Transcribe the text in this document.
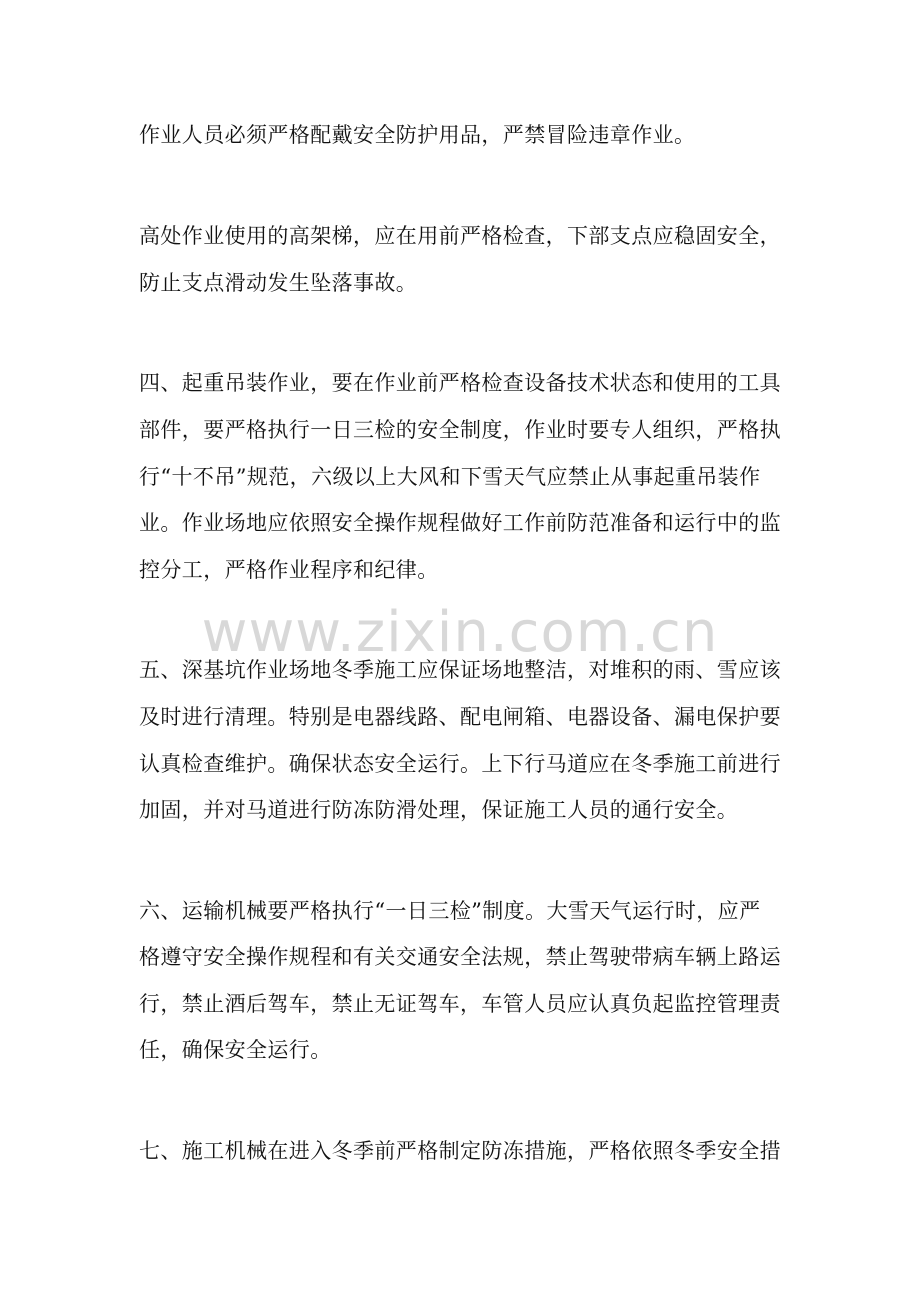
www.zixin.com.cn
作业人员必须严格配戴安全防护用品，严禁冒险违章作业。
高处作业使用的高架梯，应在用前严格检查，下部支点应稳固安全，
防止支点滑动发生坠落事故。
四、起重吊装作业，要在作业前严格检查设备技术状态和使用的工具
部件，要严格执行一日三检的安全制度，作业时要专人组织，严格执
行“十不吊”规范，六级以上大风和下雪天气应禁止从事起重吊装作
业。作业场地应依照安全操作规程做好工作前防范准备和运行中的监
控分工，严格作业程序和纪律。
五、深基坑作业场地冬季施工应保证场地整洁，对堆积的雨、雪应该
及时进行清理。特别是电器线路、配电闸箱、电器设备、漏电保护要
认真检查维护。确保状态安全运行。上下行马道应在冬季施工前进行
加固，并对马道进行防冻防滑处理，保证施工人员的通行安全。
六、运输机械要严格执行“一日三检”制度。大雪天气运行时，应严
格遵守安全操作规程和有关交通安全法规，禁止驾驶带病车辆上路运
行，禁止酒后驾车，禁止无证驾车，车管人员应认真负起监控管理责
任，确保安全运行。
七、施工机械在进入冬季前严格制定防冻措施，严格依照冬季安全措
